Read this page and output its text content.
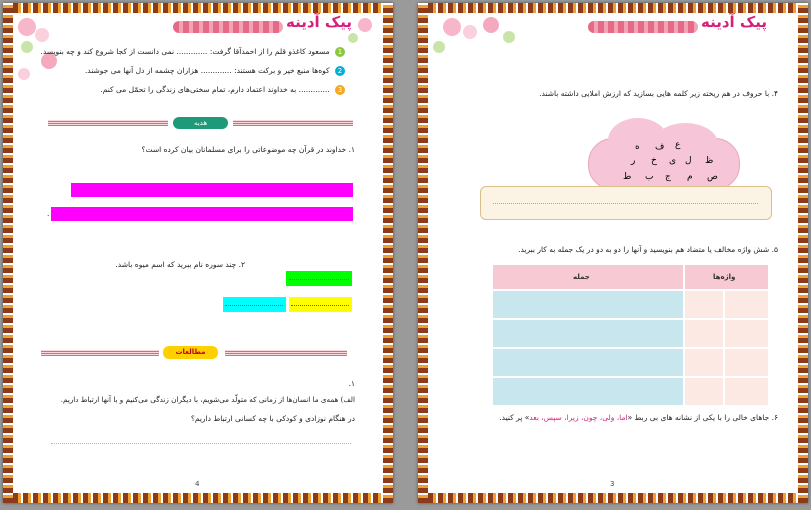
پیک آدینه
1 مسعود کاغذو قلم را از احمدآقا گرفت: ............. نمی دانست از کجا شروع کند و چه بنویسد.
2 کوه‌ها منبع خیر و برکت هستند: ............. هزاران چشمه از دل آنها می جوشند.
3 ............. به خداوند اعتماد دارم، تمام سختی‌های زندگی را تحمّل می کنم.
هدیه
۱. خداوند در قرآن چه موضوعاتی را برای مسلمانان بیان کرده است؟
.
۲. چند سوره نام ببرید که اسم میوه باشد.
مطالعات
۱.
الف) همه‌ی ما انسان‌ها از زمانی که متولّد می‌شویم، با دیگران زندگی می‌کنیم و با آنها ارتباط داریم.
در هنگام نوزادی و کودکی با چه کسانی ارتباط داریم؟
4
پیک آدینه
۴. با حروف در هم ریخته زیر کلمه هایی بسازید که ارزش املایی داشته باشند.
ع
ف
ه
ظ
ل
ی
خ
ر
ص
م
ج
ب
ط
۵. شش واژه مخالف یا متضاد هم بنویسید و آنها را دو به دو در یک جمله به کار ببرید.
جمله	واژه‌ها
۶. جاهای خالی را با یکی از نشانه های بی ربط «اما، ولی، چون، زیرا، سپس، بعد» پر کنید.
3
